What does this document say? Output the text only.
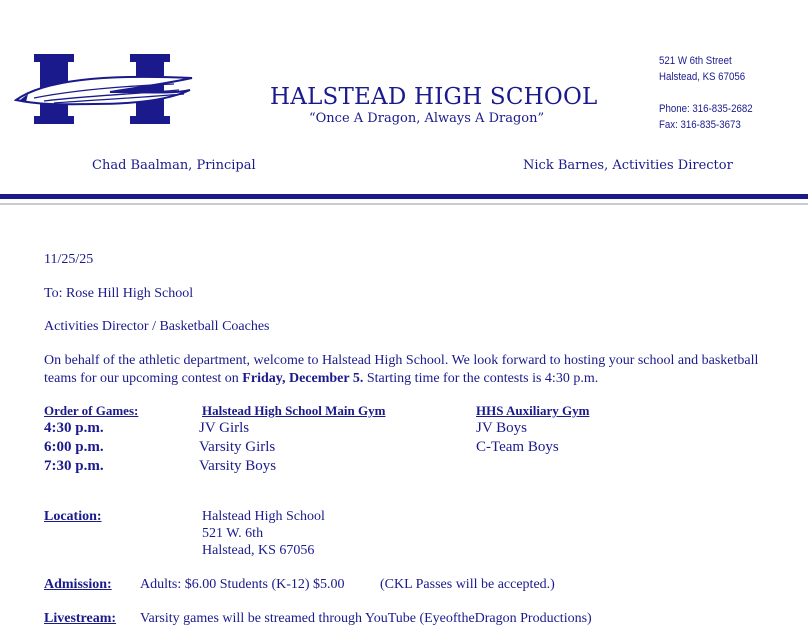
HALSTEAD HIGH SCHOOL
“Once A Dragon, Always A Dragon”
521 W 6th Street
Halstead, KS 67056
Phone: 316-835-2682
Fax: 316-835-3673
Chad Baalman, Principal	Nick Barnes, Activities Director
11/25/25
To: Rose Hill High School
Activities Director / Basketball Coaches
On behalf of the athletic department, welcome to Halstead High School. We look forward to hosting your school and basketball teams for our upcoming contest on Friday, December 5. Starting time for the contests is 4:30 p.m.
Order of Games:	Halstead High School Main Gym	HHS Auxiliary Gym
4:30 p.m.	JV Girls	JV Boys
6:00 p.m.	Varsity Girls	C-Team Boys
7:30 p.m.	Varsity Boys
Location:	Halstead High School
521 W. 6th
Halstead, KS 67056
Admission: Adults: $6.00 Students (K-12) $5.00	(CKL Passes will be accepted.)
Livestream: Varsity games will be streamed through YouTube (EyeoftheDragon Productions)
